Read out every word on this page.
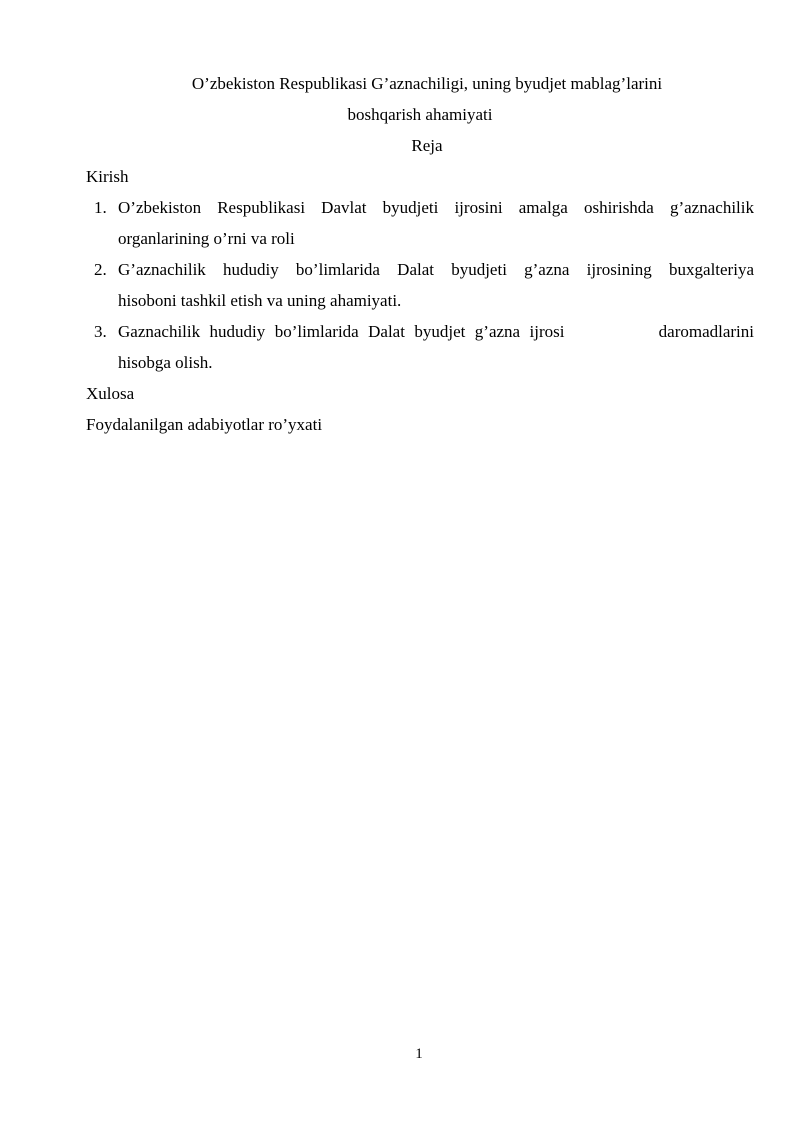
O’zbekiston Respublikasi G’aznachiligi, uning byudjet mablag’larini
boshqarish ahamiyati
Reja
Kirish
1. O’zbekiston Respublikasi Davlat byudjeti ijrosini amalga oshirishda g’aznachilik
organlarining o’rni va roli
2. G’aznachilik hududiy bo’limlarida Dalat byudjeti g’azna ijrosining buxgalteriya
hisoboni tashkil etish va uning ahamiyati.
3. Gaznachilik hududiy bo’limlarida Dalat byudjet g’azna ijrosi          daromadlarini
hisobga olish.
Xulosa
Foydalanilgan adabiyotlar ro’yxati
1
